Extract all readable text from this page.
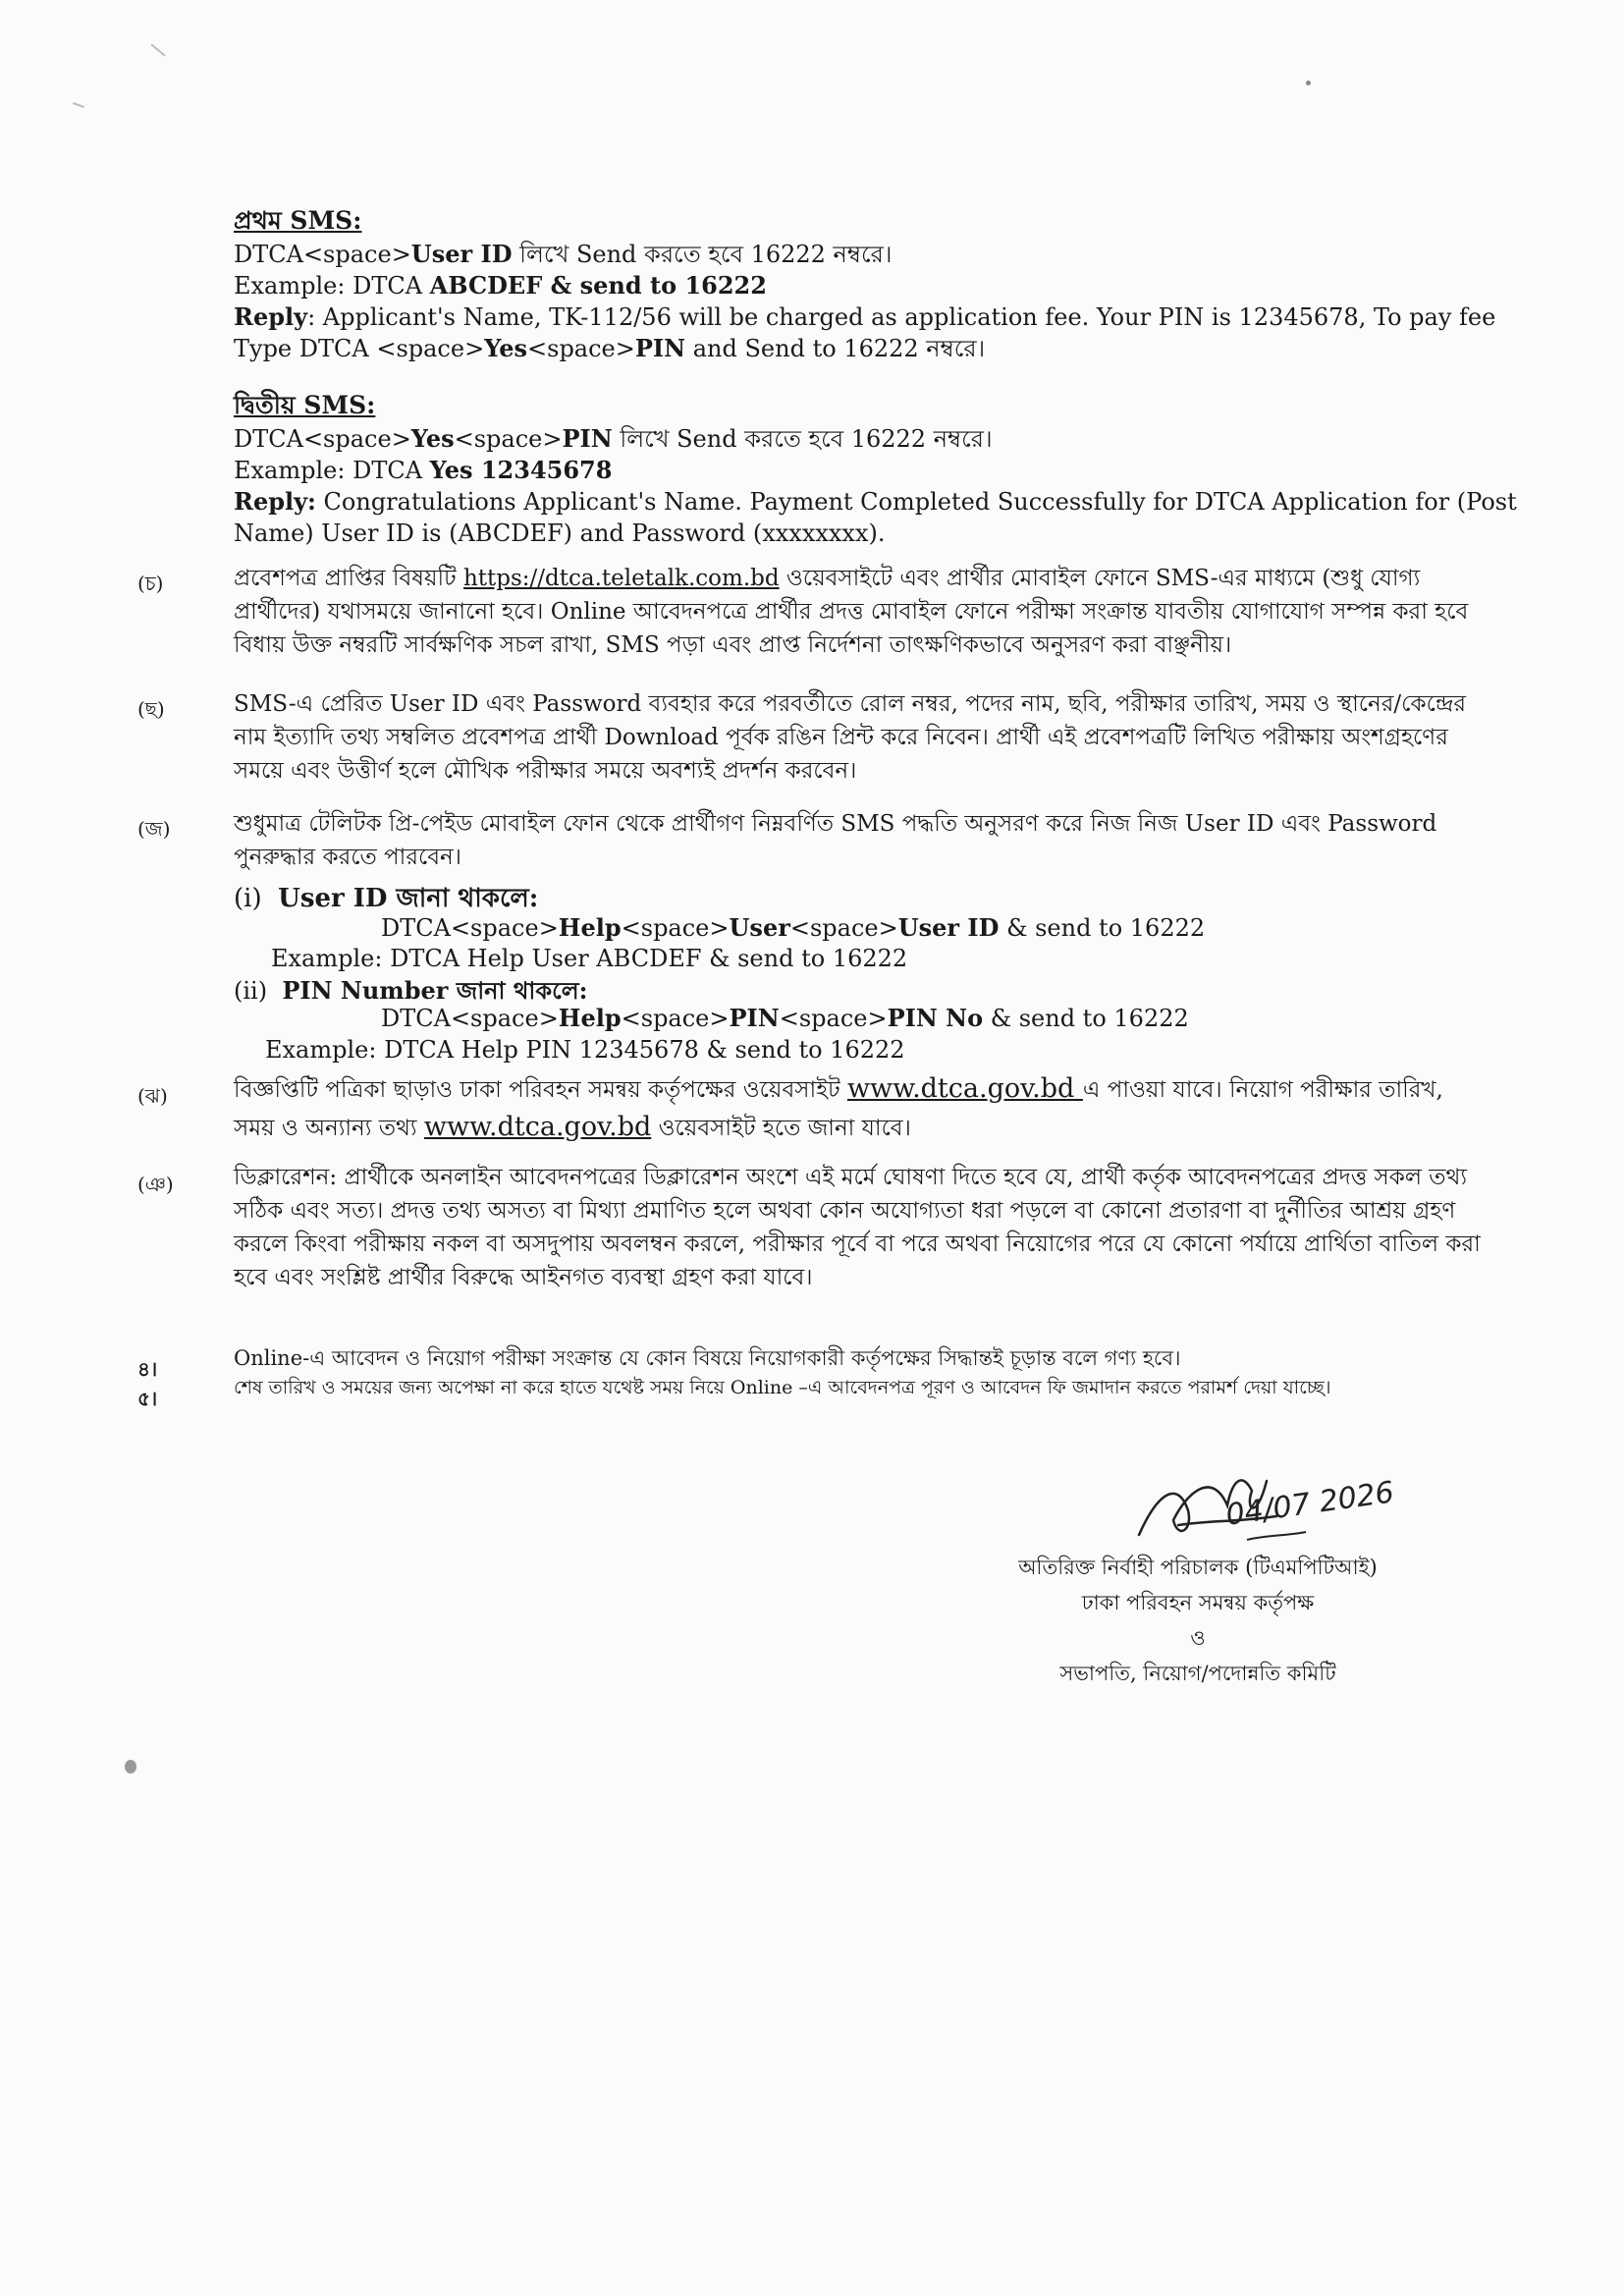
প্রথম SMS:
DTCA<space>User ID লিখে Send করতে হবে 16222 নম্বরে।
Example: DTCA ABCDEF & send to 16222
Reply: Applicant's Name, TK-112/56 will be charged as application fee. Your PIN is 12345678, To pay fee
Type DTCA <space>Yes<space>PIN and Send to 16222 নম্বরে।
দ্বিতীয় SMS:
DTCA<space>Yes<space>PIN লিখে Send করতে হবে 16222 নম্বরে।
Example: DTCA Yes 12345678
Reply: Congratulations Applicant's Name. Payment Completed Successfully for DTCA Application for (Post
Name) User ID is (ABCDEF) and Password (xxxxxxxx).
(চ)	প্রবেশপত্র প্রাপ্তির বিষয়টি https://dtca.teletalk.com.bd ওয়েবসাইটে এবং প্রার্থীর মোবাইল ফোনে SMS-এর মাধ্যমে (শুধু যোগ্য প্রার্থীদের) যথাসময়ে জানানো হবে। Online আবেদনপত্রে প্রার্থীর প্রদত্ত মোবাইল ফোনে পরীক্ষা সংক্রান্ত যাবতীয় যোগাযোগ সম্পন্ন করা হবে বিধায় উক্ত নম্বরটি সার্বক্ষণিক সচল রাখা, SMS পড়া এবং প্রাপ্ত নির্দেশনা তাৎক্ষণিকভাবে অনুসরণ করা বাঞ্ছনীয়।
(ছ)	SMS-এ প্রেরিত User ID এবং Password ব্যবহার করে পরবর্তীতে রোল নম্বর, পদের নাম, ছবি, পরীক্ষার তারিখ, সময় ও স্থানের/কেন্দ্রের নাম ইত্যাদি তথ্য সম্বলিত প্রবেশপত্র প্রার্থী Download পূর্বক রঙিন প্রিন্ট করে নিবেন। প্রার্থী এই প্রবেশপত্রটি লিখিত পরীক্ষায় অংশগ্রহণের সময়ে এবং উত্তীর্ণ হলে মৌখিক পরীক্ষার সময়ে অবশ্যই প্রদর্শন করবেন।
(জ)	শুধুমাত্র টেলিটক প্রি-পেইড মোবাইল ফোন থেকে প্রার্থীগণ নিম্নবর্ণিত SMS পদ্ধতি অনুসরণ করে নিজ নিজ User ID এবং Password পুনরুদ্ধার করতে পারবেন।
(i) User ID জানা থাকলে:
DTCA<space>Help<space>User<space>User ID & send to 16222
Example: DTCA Help User ABCDEF & send to 16222
(ii) PIN Number জানা থাকলে:
DTCA<space>Help<space>PIN<space>PIN No & send to 16222
Example: DTCA Help PIN 12345678 & send to 16222
(ঝ)	বিজ্ঞপ্তিটি পত্রিকা ছাড়াও ঢাকা পরিবহন সমন্বয় কর্তৃপক্ষের ওয়েবসাইট www.dtca.gov.bd এ পাওয়া যাবে। নিয়োগ পরীক্ষার তারিখ, সময় ও অন্যান্য তথ্য www.dtca.gov.bd ওয়েবসাইট হতে জানা যাবে।
(ঞ)	ডিক্লারেশন: প্রার্থীকে অনলাইন আবেদনপত্রের ডিক্লারেশন অংশে এই মর্মে ঘোষণা দিতে হবে যে, প্রার্থী কর্তৃক আবেদনপত্রের প্রদত্ত সকল তথ্য সঠিক এবং সত্য। প্রদত্ত তথ্য অসত্য বা মিথ্যা প্রমাণিত হলে অথবা কোন অযোগ্যতা ধরা পড়লে বা কোনো প্রতারণা বা দুর্নীতির আশ্রয় গ্রহণ করলে কিংবা পরীক্ষায় নকল বা অসদুপায় অবলম্বন করলে, পরীক্ষার পূর্বে বা পরে অথবা নিয়োগের পরে যে কোনো পর্যায়ে প্রার্থিতা বাতিল করা হবে এবং সংশ্লিষ্ট প্রার্থীর বিরুদ্ধে আইনগত ব্যবস্থা গ্রহণ করা যাবে।
৪।	Online-এ আবেদন ও নিয়োগ পরীক্ষা সংক্রান্ত যে কোন বিষয়ে নিয়োগকারী কর্তৃপক্ষের সিদ্ধান্তই চূড়ান্ত বলে গণ্য হবে।
৫।	শেষ তারিখ ও সময়ের জন্য অপেক্ষা না করে হাতে যথেষ্ট সময় নিয়ে Online –এ আবেদনপত্র পূরণ ও আবেদন ফি জমাদান করতে পরামর্শ দেয়া যাচ্ছে।
04/07 2026
অতিরিক্ত নির্বাহী পরিচালক (টিএমপিটিআই)
ঢাকা পরিবহন সমন্বয় কর্তৃপক্ষ
ও
সভাপতি, নিয়োগ/পদোন্নতি কমিটি
